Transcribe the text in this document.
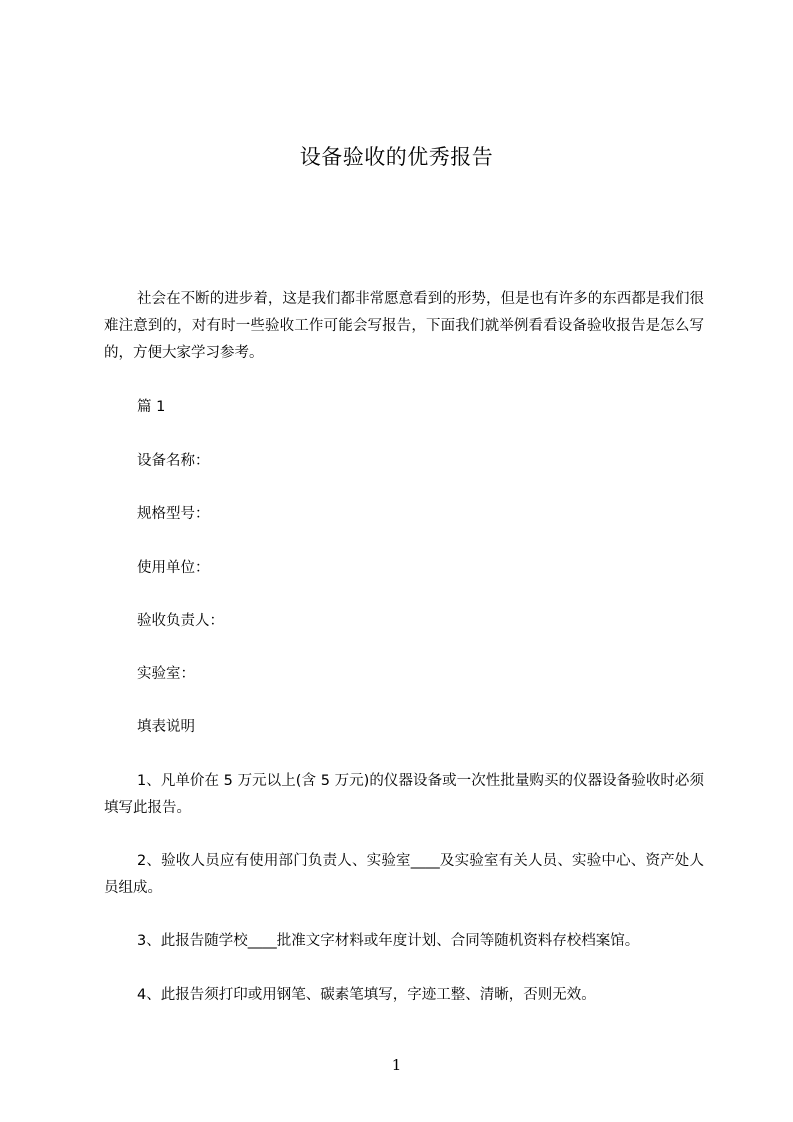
设备验收的优秀报告

社会在不断的进步着，这是我们都非常愿意看到的形势，但是也有许多的东西都是我们很难注意到的，对有时一些验收工作可能会写报告，下面我们就举例看看设备验收报告是怎么写的，方便大家学习参考。

篇 1

设备名称：

规格型号：

使用单位：

验收负责人：

实验室：

填表说明

1、凡单价在 5 万元以上(含 5 万元)的仪器设备或一次性批量购买的仪器设备验收时必须填写此报告。

2、验收人员应有使用部门负责人、实验室____及实验室有关人员、实验中心、资产处人员组成。

3、此报告随学校____批准文字材料或年度计划、合同等随机资料存校档案馆。

4、此报告须打印或用钢笔、碳素笔填写，字迹工整、清晰，否则无效。

1
